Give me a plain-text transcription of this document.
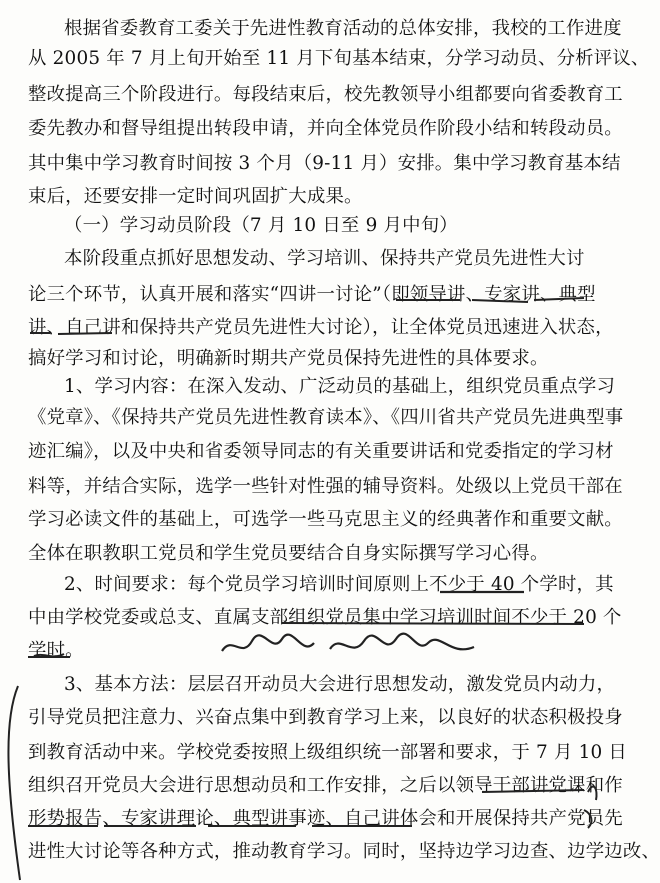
根据省委教育工委关于先进性教育活动的总体安排，我校的工作进度
从 2005 年 7 月上旬开始至 11 月下旬基本结束，分学习动员、分析评议、
整改提高三个阶段进行。每段结束后，校先教领导小组都要向省委教育工
委先教办和督导组提出转段申请，并向全体党员作阶段小结和转段动员。
其中集中学习教育时间按 3 个月（9-11 月）安排。集中学习教育基本结
束后，还要安排一定时间巩固扩大成果。
（一）学习动员阶段（7 月 10 日至 9 月中旬）
本阶段重点抓好思想发动、学习培训、保持共产党员先进性大讨
论三个环节，认真开展和落实“四讲一讨论”（即领导讲、专家讲、典型
讲、自己讲和保持共产党员先进性大讨论），让全体党员迅速进入状态，
搞好学习和讨论，明确新时期共产党员保持先进性的具体要求。
1、学习内容：在深入发动、广泛动员的基础上，组织党员重点学习
《党章》、《保持共产党员先进性教育读本》、《四川省共产党员先进典型事
迹汇编》，以及中央和省委领导同志的有关重要讲话和党委指定的学习材
料等，并结合实际，选学一些针对性强的辅导资料。处级以上党员干部在
学习必读文件的基础上，可选学一些马克思主义的经典著作和重要文献。
全体在职教职工党员和学生党员要结合自身实际撰写学习心得。
2、时间要求：每个党员学习培训时间原则上不少于 40 个学时，其
中由学校党委或总支、直属支部组织党员集中学习培训时间不少于 20 个
学时。
3、基本方法：层层召开动员大会进行思想发动，激发党员内动力，
引导党员把注意力、兴奋点集中到教育学习上来，以良好的状态积极投身
到教育活动中来。学校党委按照上级组织统一部署和要求，于 7 月 10 日
组织召开党员大会进行思想动员和工作安排，之后以领导干部讲党课和作
形势报告、专家讲理论、典型讲事迹、自己讲体会和开展保持共产党员先
进性大讨论等各种方式，推动教育学习。同时，坚持边学习边查、边学边改、
